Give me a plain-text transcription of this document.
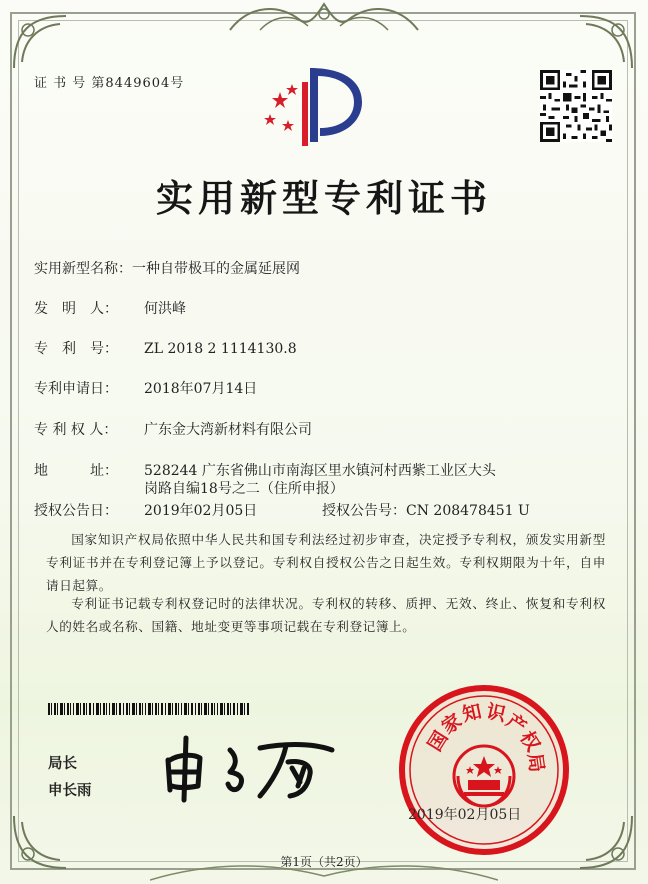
证 书 号 第8449604号
实用新型专利证书
实用新型名称：一种自带极耳的金属延展网
发　明　人： 何洪峰
专　利　号： ZL 2018 2 1114130.8
专利申请日： 2018年07月14日
专 利 权 人： 广东金大湾新材料有限公司
地　　　址： 528244 广东省佛山市南海区里水镇河村西紫工业区大头
岗路自编18号之二（住所申报）
授权公告日： 2019年02月05日	授权公告号：CN 208478451 U
国家知识产权局依照中华人民共和国专利法经过初步审查，决定授予专利权，颁发实用新型专利证书并在专利登记簿上予以登记。专利权自授权公告之日起生效。专利权期限为十年，自申请日起算。
专利证书记载专利权登记时的法律状况。专利权的转移、质押、无效、终止、恢复和专利权人的姓名或名称、国籍、地址变更等事项记载在专利登记簿上。
局长
申长雨
国
家
知 识
产
权
局
2019年02月05日
第1页（共2页）
